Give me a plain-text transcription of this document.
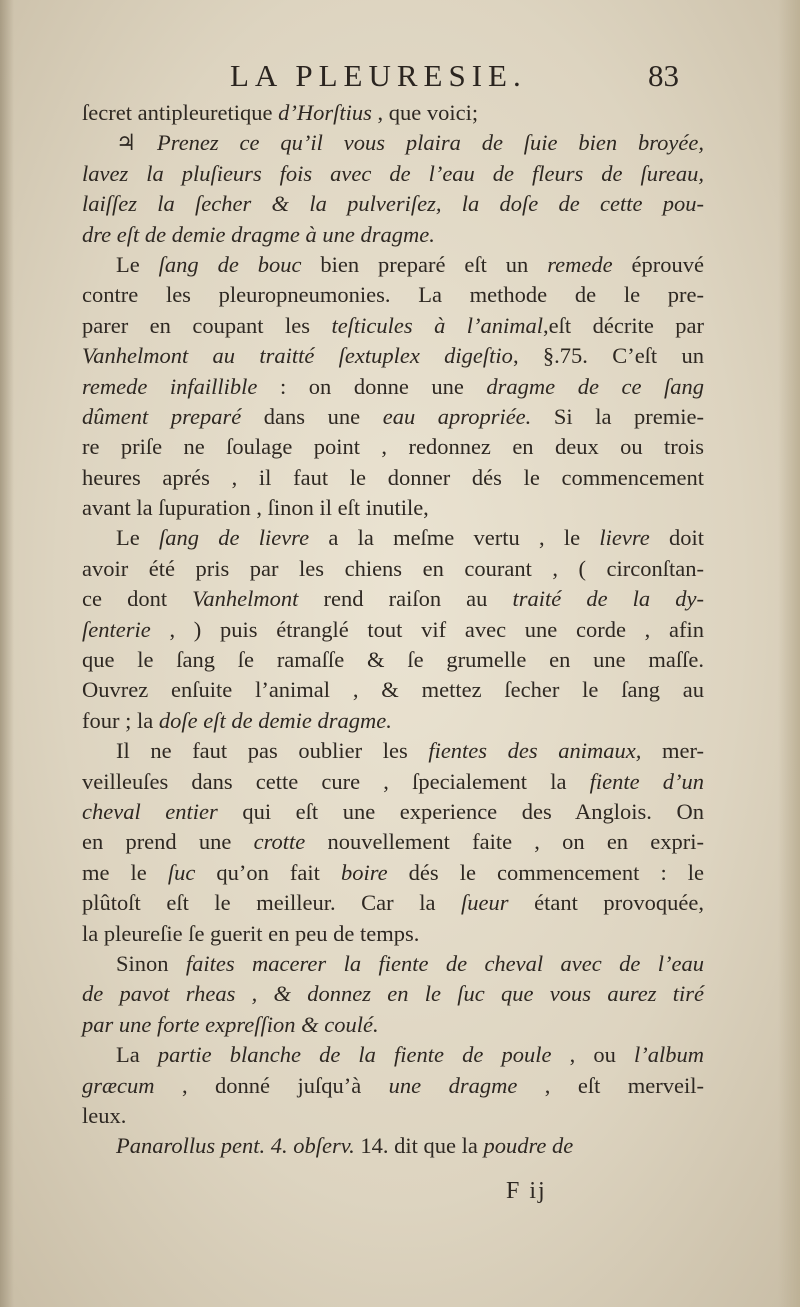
LA PLEURESIE.	83
ſecret antipleuretique d’Horſtius , que voici;
♃ Prenez ce qu’il vous plaira de ſuie bien broyée,
lavez la pluſieurs fois avec de l’eau de fleurs de ſureau,
laiſſez la ſecher & la pulveriſez, la doſe de cette pou-
dre eſt de demie dragme à une dragme.
Le ſang de bouc bien preparé eſt un remede éprouvé
contre les pleuropneumonies. La methode de le pre-
parer en coupant les teſticules à l’animal,eſt décrite par
Vanhelmont au traitté ſextuplex digeſtio, §.75. C’eſt un
remede infaillible : on donne une dragme de ce ſang
dûment preparé dans une eau apropriée. Si la premie-
re priſe ne ſoulage point , redonnez en deux ou trois
heures aprés , il faut le donner dés le commencement
avant la ſupuration , ſinon il eſt inutile,
Le ſang de lievre a la meſme vertu , le lievre doit
avoir été pris par les chiens en courant , ( circonſtan-
ce dont Vanhelmont rend raiſon au traité de la dy-
ſenterie , ) puis étranglé tout vif avec une corde , afin
que le ſang ſe ramaſſe & ſe grumelle en une maſſe.
Ouvrez enſuite l’animal , & mettez ſecher le ſang au
four ; la doſe eſt de demie dragme.
Il ne faut pas oublier les fientes des animaux, mer-
veilleuſes dans cette cure , ſpecialement la fiente d’un
cheval entier qui eſt une experience des Anglois. On
en prend une crotte nouvellement faite , on en expri-
me le ſuc qu’on fait boire dés le commencement : le
plûtoſt eſt le meilleur. Car la ſueur étant provoquée,
la pleureſie ſe guerit en peu de temps.
Sinon faites macerer la fiente de cheval avec de l’eau
de pavot rheas , & donnez en le ſuc que vous aurez tiré
par une forte expreſſion & coulé.
La partie blanche de la fiente de poule , ou l’album
græcum , donné juſqu’à une dragme , eſt merveil-
leux.
Panarollus pent. 4. obſerv. 14. dit que la poudre de
F ij
